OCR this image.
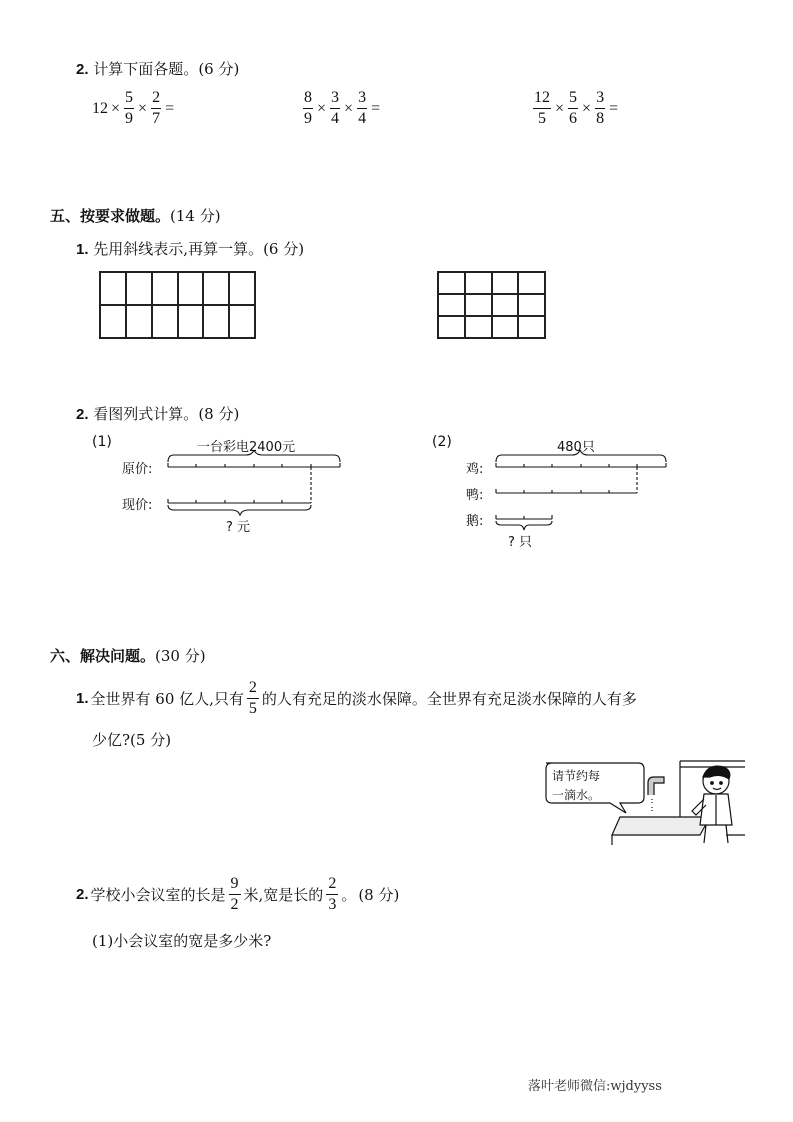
2. 计算下面各题。(6 分)
$12 \times \frac{5}{9} \times \frac{2}{7}$ =	$\frac{8}{9} \times \frac{3}{4} \times \frac{3}{4}$ =	$\frac{12}{5} \times \frac{5}{6} \times \frac{3}{8}$ =
五、按要求做题。(14 分)
1. 先用斜线表示,再算一算。(6 分)
2. 看图列式计算。(8 分)
(1)	一台彩电2400元
原价:
现价:
? 元
(2)	480只
鸡:
鸭:
鹅:
? 只
六、解决问题。(30 分)
1. 全世界有 60 亿人,只有 $\frac{2}{5}$ 的人有充足的淡水保障。全世界有充足淡水保障的人有多
少亿?(5 分)
请节约每
一滴水。
2. 学校小会议室的长是 $\frac{9}{2}$ 米,宽是长的 $\frac{2}{3}$ 。 (8 分)
(1)小会议室的宽是多少米?
落叶老师微信:wjdyyss
